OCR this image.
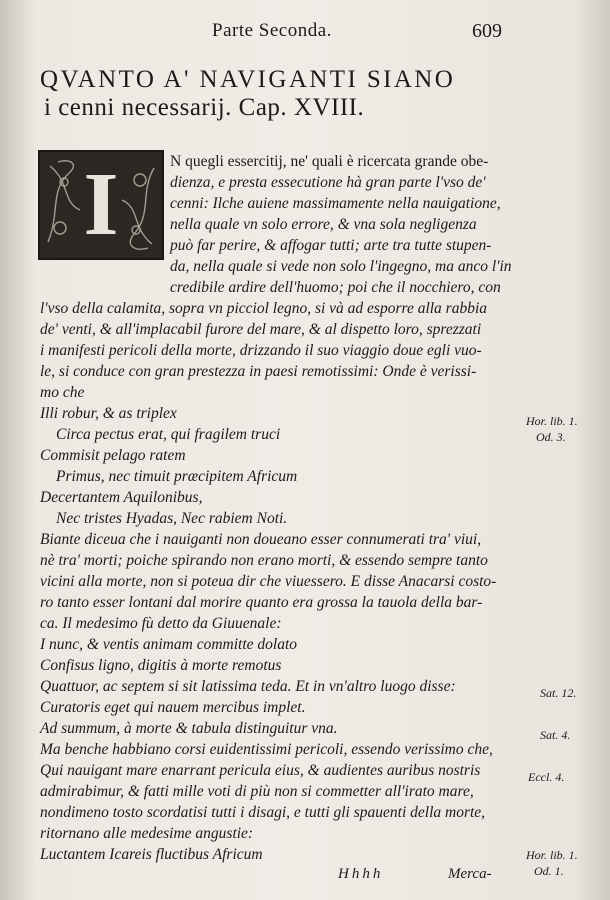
Parte Seconda.	609
QVANTO A' NAVIGANTI SIANO
i cenni necessarij. Cap. XVIII.
I	N quegli essercitij, ne' quali è ricercata grande obe-
dienza, e presta essecutione hà gran parte l'vso de'
cenni: Ilche auiene massimamente nella nauigatione,
nella quale vn solo errore, & vna sola negligenza
può far perire, & affogar tutti; arte tra tutte stupen-
da, nella quale si vede non solo l'ingegno, ma anco l'in
credibile ardire dell'huomo; poi che il nocchiero, con
l'vso della calamita, sopra vn picciol legno, si và ad esporre alla rabbia
de' venti, & all'implacabil furore del mare, & al dispetto loro, sprezzati
i manifesti pericoli della morte, drizzando il suo viaggio doue egli vuo-
le, si conduce con gran prestezza in paesi remotissimi: Onde è verissi-
mo che
Illi robur, & as triplex
Circa pectus erat, qui fragilem truci
Commisit pelago ratem
Primus, nec timuit præcipitem Africum
Decertantem Aquilonibus,
Nec tristes Hyadas, Nec rabiem Noti.
Biante diceua che i nauiganti non doueano esser connumerati tra' viui,
nè tra' morti; poiche spirando non erano morti, & essendo sempre tanto
vicini alla morte, non si poteua dir che viuessero. E disse Anacarsi costo-
ro tanto esser lontani dal morire quanto era grossa la tauola della bar-
ca. Il medesimo fù detto da Giuuenale:
I nunc, & ventis animam committe dolato
Confisus ligno, digitis à morte remotus
Quattuor, ac septem si sit latissima teda. Et in vn'altro luogo disse:
Curatoris eget qui nauem mercibus implet.
Ad summum, à morte & tabula distinguitur vna.
Ma benche habbiano corsi euidentissimi pericoli, essendo verissimo che,
Qui nauigant mare enarrant pericula eius, & audientes auribus nostris
admirabimur, & fatti mille voti di più non si commetter all'irato mare,
nondimeno tosto scordatisi tutti i disagi, e tutti gli spauenti della morte,
ritornano alle medesime angustie:
Luctantem Icareis fluctibus Africum
Hor. lib. 1.
Od. 3.
Sat. 12.
Sat. 4.
Eccl. 4.
Hor. lib. 1.
Od. 1.
Hhhh	Merca-
